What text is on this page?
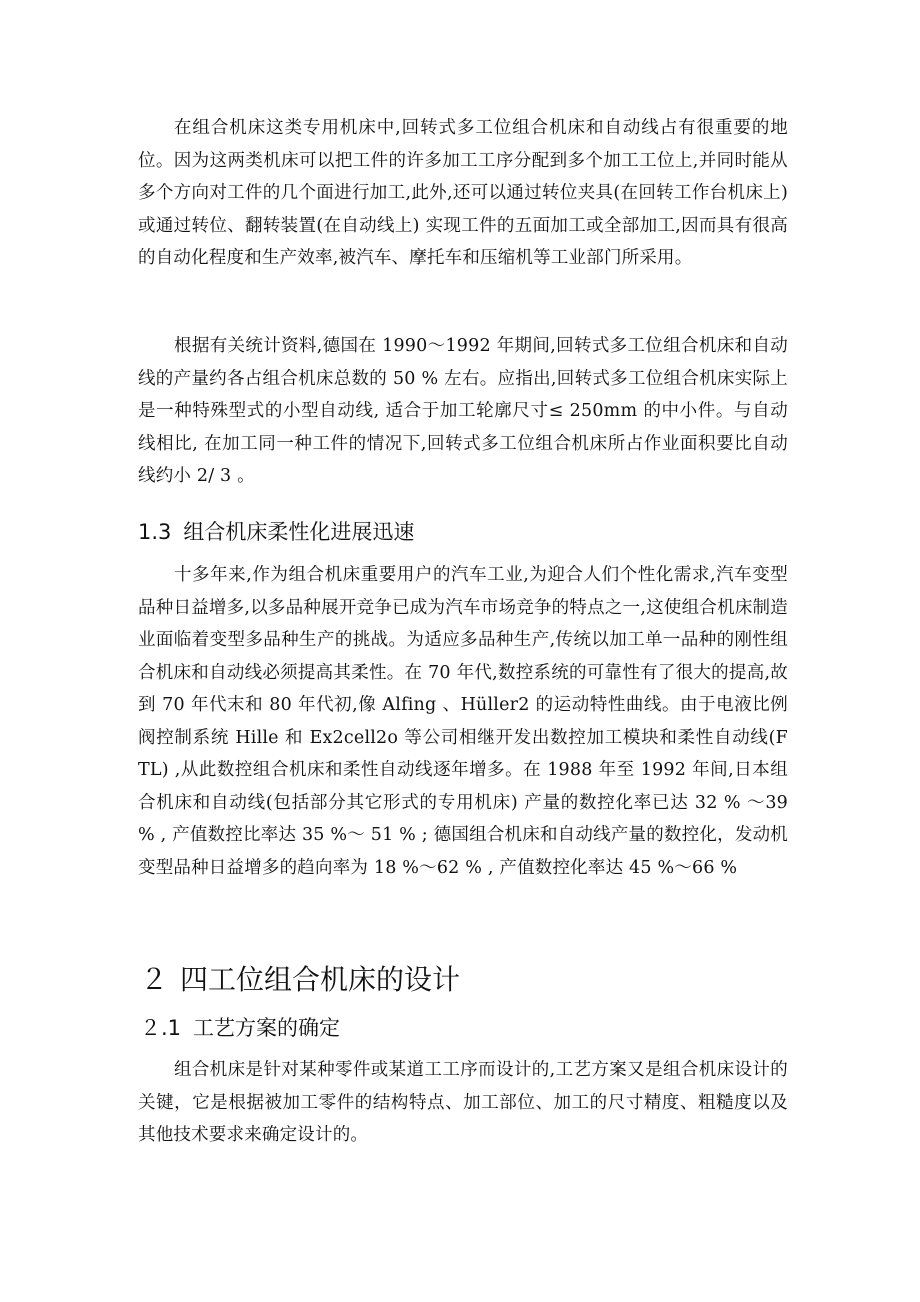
在组合机床这类专用机床中,回转式多工位组合机床和自动线占有很重要的地位。因为这两类机床可以把工件的许多加工工序分配到多个加工工位上,并同时能从多个方向对工件的几个面进行加工,此外,还可以通过转位夹具(在回转工作台机床上) 或通过转位、翻转装置(在自动线上) 实现工件的五面加工或全部加工,因而具有很高的自动化程度和生产效率,被汽车、摩托车和压缩机等工业部门所采用。

根据有关统计资料,德国在 1990～1992 年期间,回转式多工位组合机床和自动线的产量约各占组合机床总数的 50 % 左右。应指出,回转式多工位组合机床实际上是一种特殊型式的小型自动线, 适合于加工轮廓尺寸≤ 250mm 的中小件。与自动线相比, 在加工同一种工件的情况下,回转式多工位组合机床所占作业面积要比自动线约小 2/ 3 。

1.3 组合机床柔性化进展迅速

十多年来,作为组合机床重要用户的汽车工业,为迎合人们个性化需求,汽车变型品种日益增多,以多品种展开竞争已成为汽车市场竞争的特点之一,这使组合机床制造业面临着变型多品种生产的挑战。为适应多品种生产,传统以加工单一品种的刚性组合机床和自动线必须提高其柔性。在 70 年代,数控系统的可靠性有了很大的提高,故到 70 年代末和 80 年代初,像 Alfing 、Hüller2 的运动特性曲线。由于电液比例阀控制系统 Hille 和 Ex2cell2o 等公司相继开发出数控加工模块和柔性自动线(F TL) ,从此数控组合机床和柔性自动线逐年增多。在 1988 年至 1992 年间,日本组合机床和自动线(包括部分其它形式的专用机床) 产量的数控化率已达 32 % ～39 % , 产值数控比率达 35 %～ 51 % ; 德国组合机床和自动线产量的数控化，发动机变型品种日益增多的趋向率为 18 %～62 % , 产值数控化率达 45 %～66 %

２ 四工位组合机床的设计
２.1 工艺方案的确定

组合机床是针对某种零件或某道工工序而设计的,工艺方案又是组合机床设计的关键，它是根据被加工零件的结构特点、加工部位、加工的尺寸精度、粗糙度以及其他技术要求来确定设计的。
